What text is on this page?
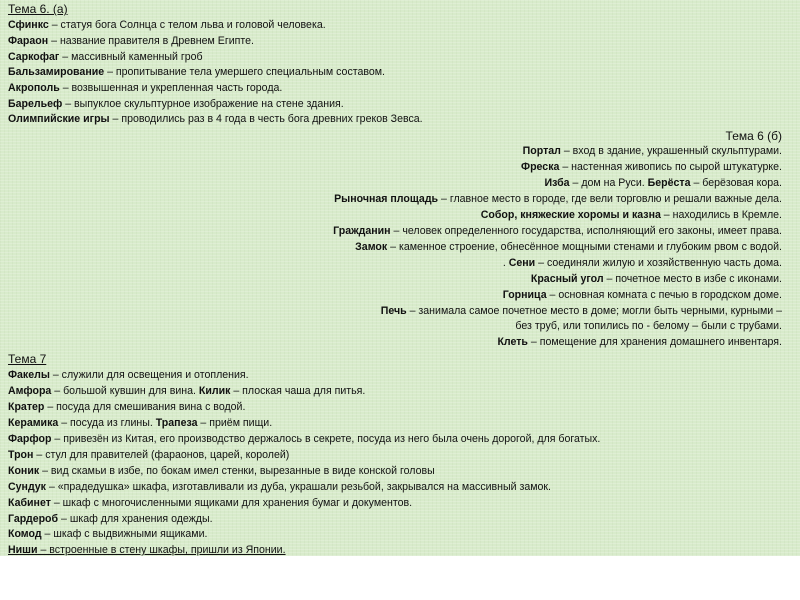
Тема 6. (а)
Сфинкс – статуя бога Солнца с телом льва и головой человека.
Фараон – название правителя в Древнем Египте.
Саркофаг – массивный каменный гроб
Бальзамирование – пропитывание тела умершего специальным составом.
Акрополь – возвышенная и укрепленная часть города.
Барельеф – выпуклое скульптурное изображение на стене здания.
Олимпийские игры – проводились раз в 4 года в честь бога древних греков Зевса.
Тема 6 (б)
Портал – вход в здание, украшенный скульптурами.
Фреска – настенная живопись по сырой штукатурке.
Изба – дом на Руси. Берёста – берёзовая кора.
Рыночная площадь – главное место в городе, где вели торговлю и решали важные дела.
Собор, княжеские хоромы и казна – находились в Кремле.
Гражданин – человек определенного государства, исполняющий его законы, имеет права.
Замок – каменное строение, обнесённое мощными стенами и глубоким рвом с водой.
. Сени – соединяли жилую и хозяйственную часть дома.
Красный угол – почетное место в избе с иконами.
Горница – основная комната с печью в городском доме.
Печь – занимала самое почетное место в доме; могли быть черными, курными –
без труб, или топились по - белому – были с трубами.
Клеть – помещение для хранения домашнего инвентаря.
Тема 7
Факелы – служили для освещения и отопления.
Амфора – большой кувшин для вина. Килик – плоская чаша для питья.
Кратер – посуда для смешивания вина с водой.
Керамика – посуда из глины. Трапеза – приём пищи.
Фарфор – привезён из Китая, его производство держалось в секрете, посуда из него была очень дорогой, для богатых.
Трон – стул для правителей (фараонов, царей, королей)
Коник – вид скамьи в избе, по бокам имел стенки, вырезанные в виде конской головы
Сундук – «прадедушка» шкафа, изготавливали из дуба, украшали резьбой, закрывался на массивный замок.
Кабинет – шкаф с многочисленными ящиками для хранения бумаг и документов.
Гардероб – шкаф для хранения одежды.
Комод – шкаф с выдвижными ящиками.
Ниши – встроенные в стену шкафы, пришли из Японии.
